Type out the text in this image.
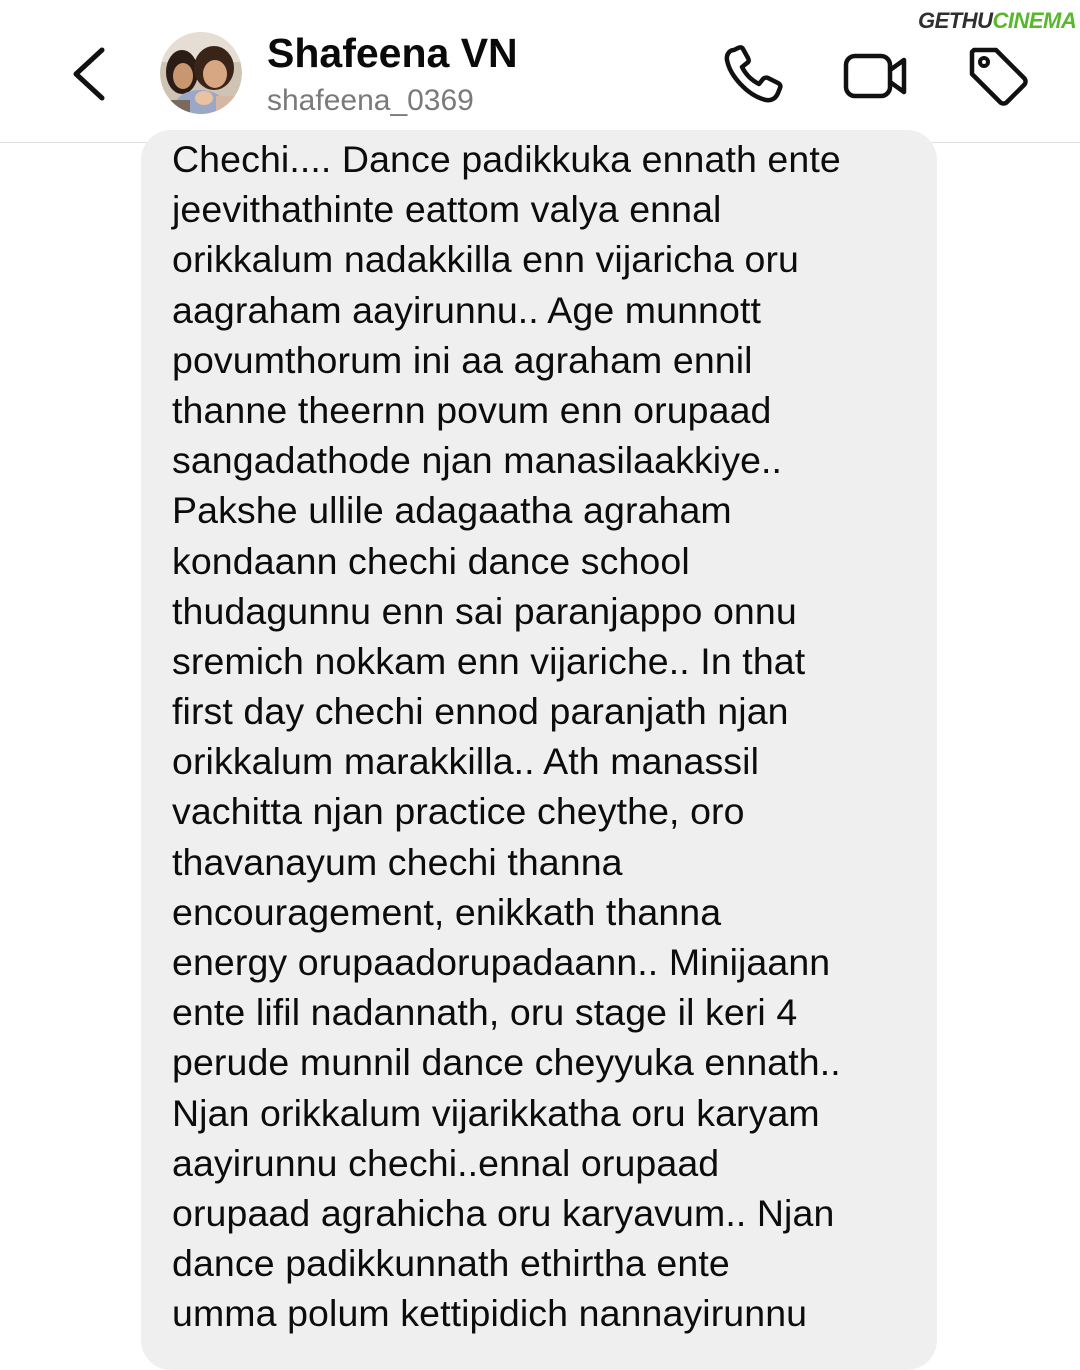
Shafeena VN
shafeena_0369
GETHU CINEMA
Chechi.... Dance padikkuka ennath ente
jeevithathinte eattom valya ennal
orikkalum nadakkilla enn vijaricha oru
aagraham aayirunnu.. Age munnott
povumthorum ini aa agraham ennil
thanne theernn povum enn orupaad
sangadathode njan manasilaakkiye..
Pakshe ullile adagaatha agraham
kondaann chechi dance school
thudagunnu enn sai paranjappo onnu
sremich nokkam enn vijariche.. In that
first day chechi ennod paranjath njan
orikkalum marakkilla.. Ath manassil
vachitta njan practice cheythe, oro
thavanayum chechi thanna
encouragement, enikkath thanna
energy orupaadorupadaann.. Minijaann
ente lifil nadannath, oru stage il keri 4
perude munnil dance cheyyuka ennath..
Njan orikkalum vijarikkatha oru karyam
aayirunnu chechi..ennal orupaad
orupaad agrahicha oru karyavum.. Njan
dance padikkunnath ethirtha ente
umma polum kettipidich nannayirunnu
